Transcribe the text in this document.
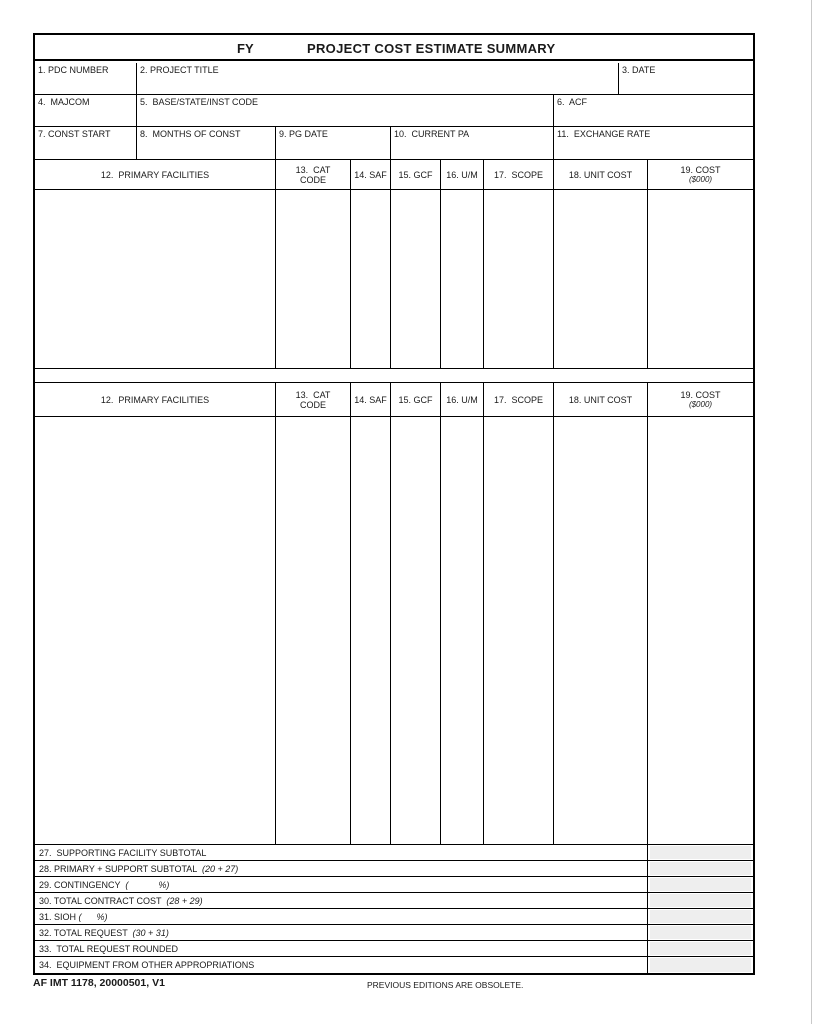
FY	PROJECT COST ESTIMATE SUMMARY
1. PDC NUMBER	2. PROJECT TITLE	3. DATE
4.  MAJCOM	5.  BASE/STATE/INST CODE	6.  ACF
7. CONST START	8.  MONTHS OF CONST	9. PG DATE	10.  CURRENT PA	11.  EXCHANGE RATE
12.  PRIMARY FACILITIES	13.  CAT
CODE	14. SAF 15. GCF 16. U/M 17.  SCOPE	18. UNIT COST	19. COST
($000)
12.  PRIMARY FACILITIES	13.  CAT
CODE	14. SAF 15. GCF 16. U/M 17.  SCOPE	18. UNIT COST	19. COST
($000)
27.  SUPPORTING FACILITY SUBTOTAL
28. PRIMARY + SUPPORT SUBTOTAL  (20 + 27)
29. CONTINGENCY  (            %)
30. TOTAL CONTRACT COST  (28 + 29)
31. SIOH (      %)
32. TOTAL REQUEST  (30 + 31)
33.  TOTAL REQUEST ROUNDED
34.  EQUIPMENT FROM OTHER APPROPRIATIONS
AF IMT 1178, 20000501, V1	PREVIOUS EDITIONS ARE OBSOLETE.
